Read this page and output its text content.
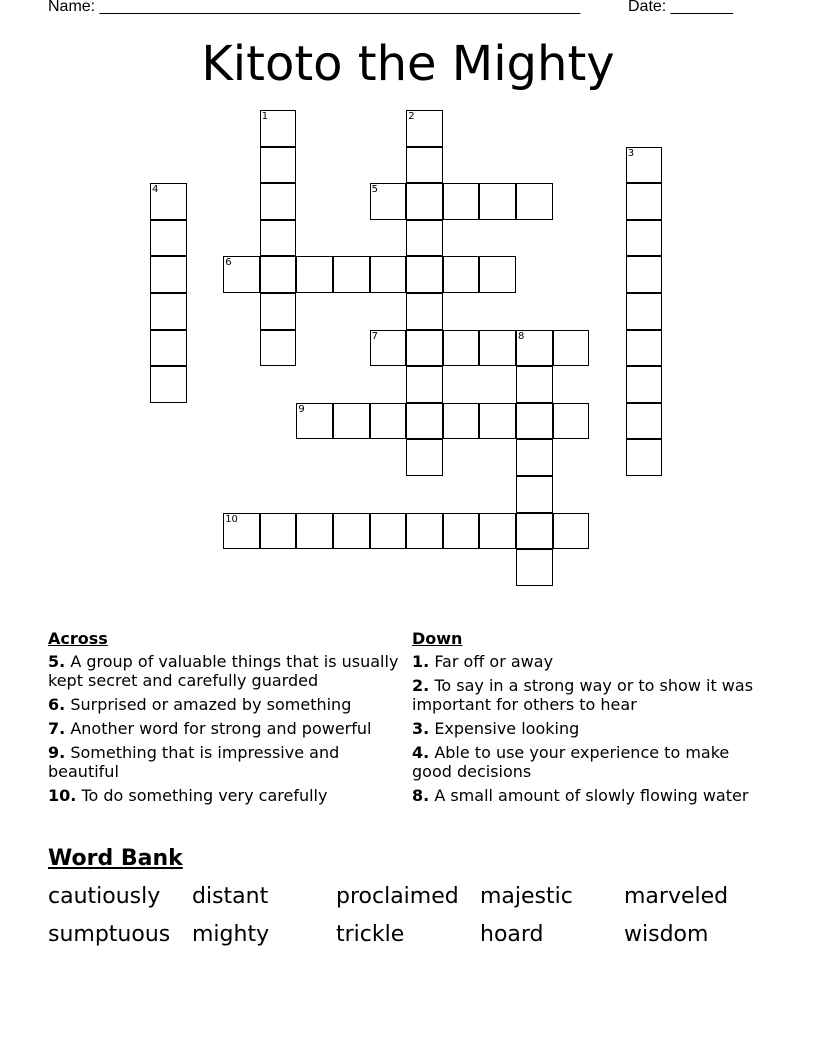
Name: ______________________________________________________	Date: _______
Kitoto the Mighty
1	2
3
4	5
6
7	8
9
10
Across
5. A group of valuable things that is usually kept secret and carefully guarded
6. Surprised or amazed by something
7. Another word for strong and powerful
9. Something that is impressive and beautiful
10. To do something very carefully
Down
1. Far off or away
2. To say in a strong way or to show it was important for others to hear
3. Expensive looking
4. Able to use your experience to make good decisions
8. A small amount of slowly flowing water
Word Bank
cautiously distant	proclaimed majestic marveled
sumptuous mighty	trickle	hoard	wisdom
